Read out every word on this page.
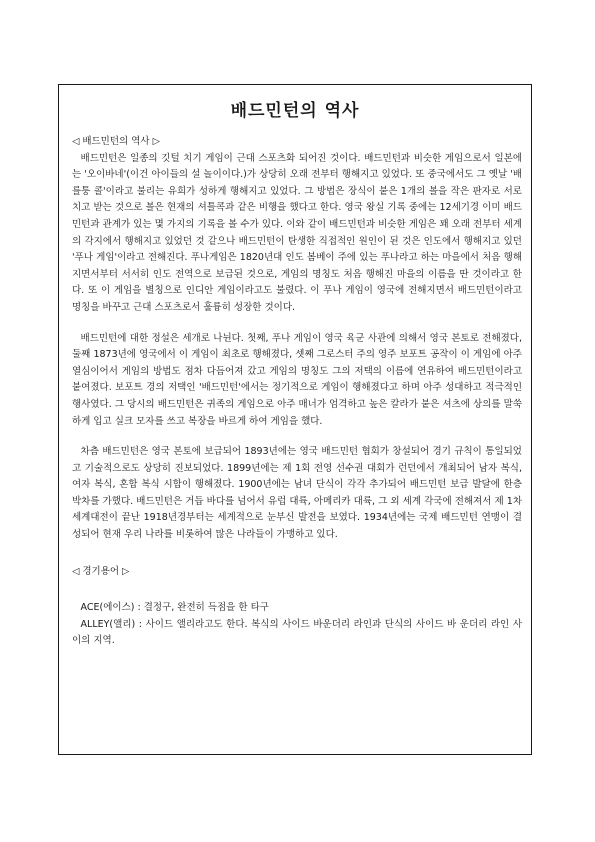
배드민턴의 역사
◁ 배드민턴의 역사 ▷

배드민턴은 일종의 깃털 치기 게임이 근대 스포츠화 되어진 것이다. 배드민턴과 비슷한 게임으로서 일본에는 '오이바네'(이건 아이들의 설 놀이이다.)가 상당히 오래 전부터 행해지고 있었다. 또 중국에서도 그 옛날 '배를퉁 콜'이라고 불리는 유희가 성하게 행해지고 있었다. 그 방법은 장식이 붙은 1개의 볼을 작은 판자로 서로 치고 받는 것으로 볼은 현재의 셔틀콕과 같은 비행을 했다고 한다. 영국 왕실 기록 중에는 12세기경 이미 배드민턴과 관계가 있는 몇 가지의 기록을 볼 수가 있다. 이와 같이 배드민턴과 비슷한 게임은 꽤 오래 전부터 세계의 각지에서 행해지고 있었던 것 같으나 배드민턴이 탄생한 직접적인 원인이 된 것은 인도에서 행해지고 있던 '푸나 게임'이라고 전해진다. 푸나게임은 1820년대 인도 봄베이 주에 있는 푸나라고 하는 마을에서 처음 행해지면서부터 서서히 인도 전역으로 보급된 것으로, 게임의 명칭도 처음 행해진 마을의 이름을 딴 것이라고 한다. 또 이 게임을 별칭으로 인디안 게임이라고도 불렸다. 이 푸나 게임이 영국에 전해지면서 배드민턴이라고 명칭을 바꾸고 근대 스포츠로서 훌륭히 성장한 것이다.

배드민턴에 대한 정설은 세개로 나뉜다. 첫째, 푸나 게임이 영국 육군 사관에 의해서 영국 본토로 전해졌다, 둘째 1873년에 영국에서 이 게임이 최초로 행해졌다, 셋째 그로스터 주의 영주 보포트 공작이 이 게임에 아주 열심이어서 게임의 방법도 점차 다듬어져 갔고 게임의 명칭도 그의 저택의 이름에 연유하여 배드민턴이라고 붙여졌다. 보포트 경의 저택인 '배드민턴'에서는 정기적으로 게임이 행해졌다고 하며 아주 성대하고 적극적인 행사였다. 그 당시의 배드민턴은 귀족의 게임으로 아주 매너가 엄격하고 높은 칼라가 붙은 셔츠에 상의를 말쑥하게 입고 실크 모자를 쓰고 복장을 바르게 하여 게임을 했다.

차츰 배드민턴은 영국 본토에 보급되어 1893년에는 영국 배드민턴 협회가 창설되어 경기 규칙이 통일되었고 기술적으로도 상당히 진보되었다. 1899년에는 제 1회 전영 선수권 대회가 런던에서 개최되어 남자 복식, 여자 복식, 혼합 복식 시합이 행해졌다. 1900년에는 남녀 단식이 각각 추가되어 배드민턴 보급 발달에 한층 박차를 가했다. 배드민턴은 거듭 바다를 넘어서 유럽 대륙, 아메리카 대륙, 그 외 세계 각국에 전해져서 제 1차 세계대전이 끝난 1918년경부터는 세계적으로 눈부신 발전을 보였다. 1934년에는 국제 배드민턴 연맹이 결성되어 현재 우리 나라를 비롯하여 많은 나라들이 가맹하고 있다.

◁ 경기용어 ▷

ACE(에이스) : 결정구, 완전히 득점을 한 타구

ALLEY(앨리) : 사이드 앨리라고도 한다. 복식의 사이드 바운더리 라인과 단식의 사이드 바 운더리 라인 사이의 지역.
